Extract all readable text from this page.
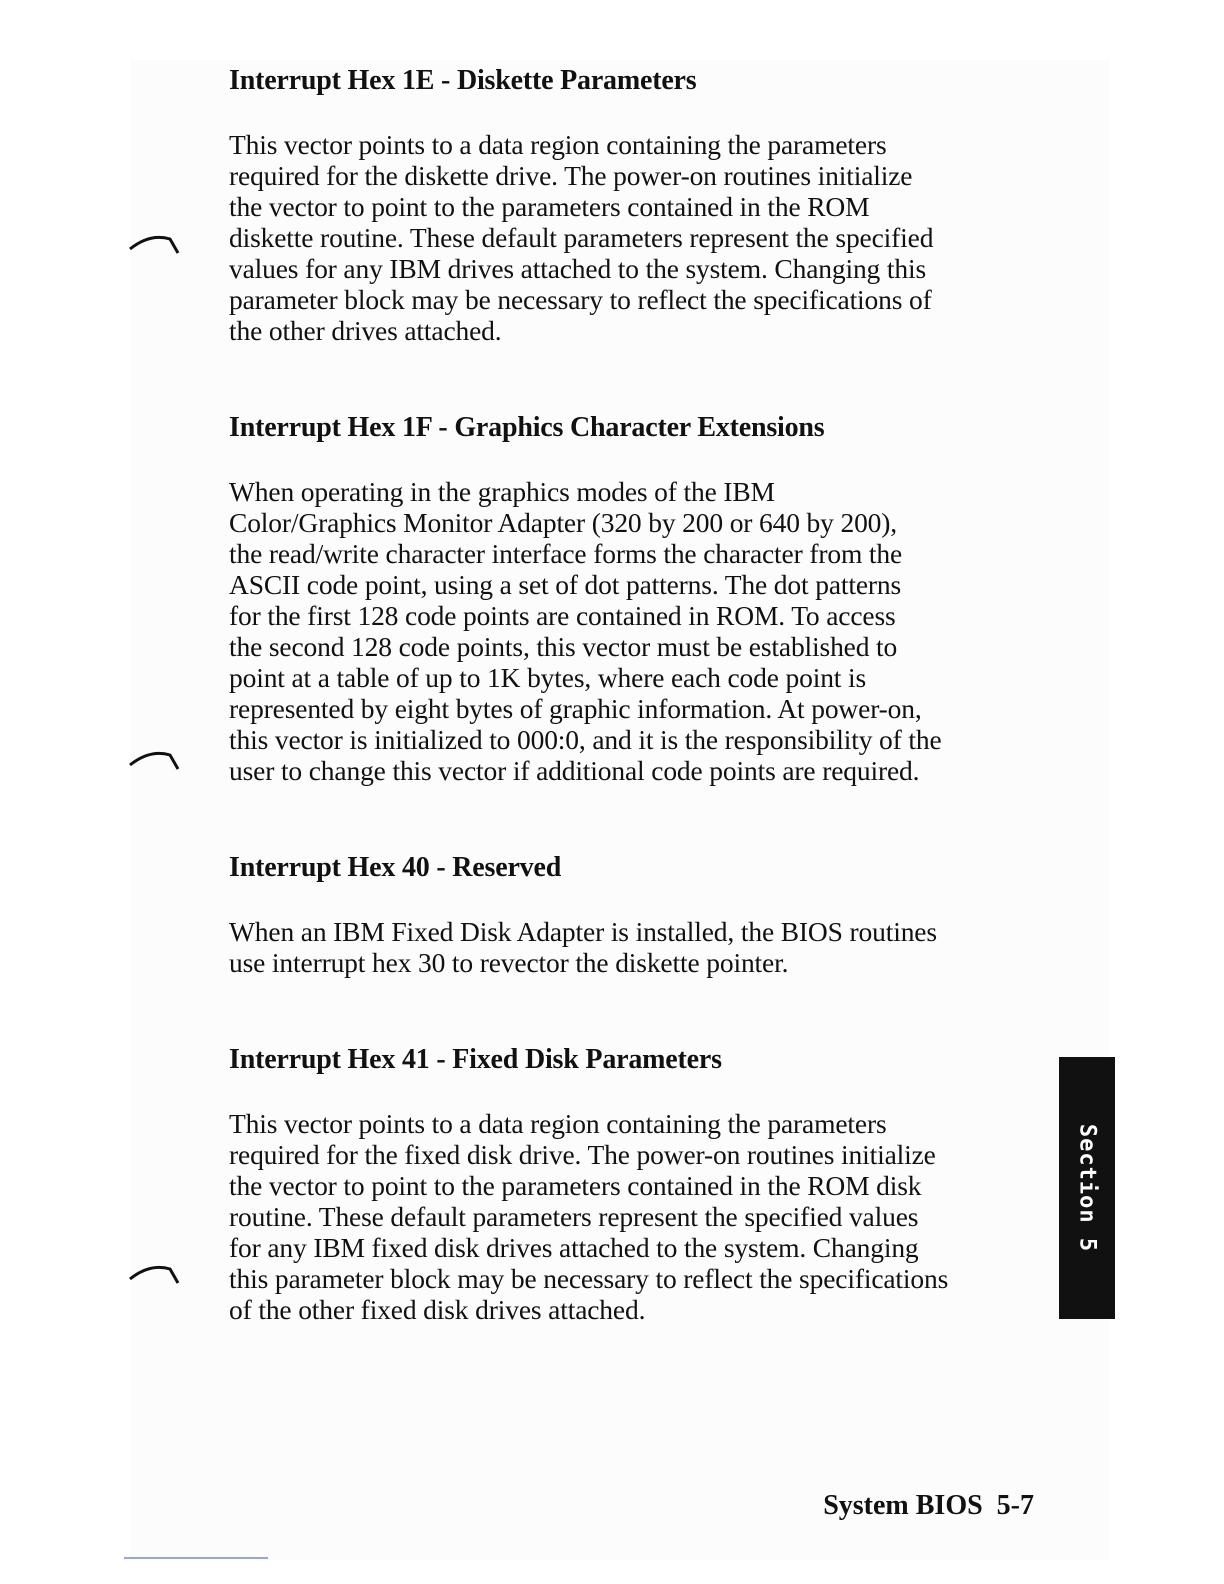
Interrupt Hex 1E - Diskette Parameters

This vector points to a data region containing the parameters
required for the diskette drive. The power-on routines initialize
the vector to point to the parameters contained in the ROM
diskette routine. These default parameters represent the specified
values for any IBM drives attached to the system. Changing this
parameter block may be necessary to reflect the specifications of
the other drives attached.

Interrupt Hex 1F - Graphics Character Extensions

When operating in the graphics modes of the IBM
Color/Graphics Monitor Adapter (320 by 200 or 640 by 200),
the read/write character interface forms the character from the
ASCII code point, using a set of dot patterns. The dot patterns
for the first 128 code points are contained in ROM. To access
the second 128 code points, this vector must be established to
point at a table of up to 1K bytes, where each code point is
represented by eight bytes of graphic information. At power-on,
this vector is initialized to 000:0, and it is the responsibility of the
user to change this vector if additional code points are required.

Interrupt Hex 40 - Reserved

When an IBM Fixed Disk Adapter is installed, the BIOS routines
use interrupt hex 30 to revector the diskette pointer.

Interrupt Hex 41 - Fixed Disk Parameters

This vector points to a data region containing the parameters
required for the fixed disk drive. The power-on routines initialize
the vector to point to the parameters contained in the ROM disk
routine. These default parameters represent the specified values
for any IBM fixed disk drives attached to the system. Changing
this parameter block may be necessary to reflect the specifications
of the other fixed disk drives attached.

Section 5
System BIOS 5-7
